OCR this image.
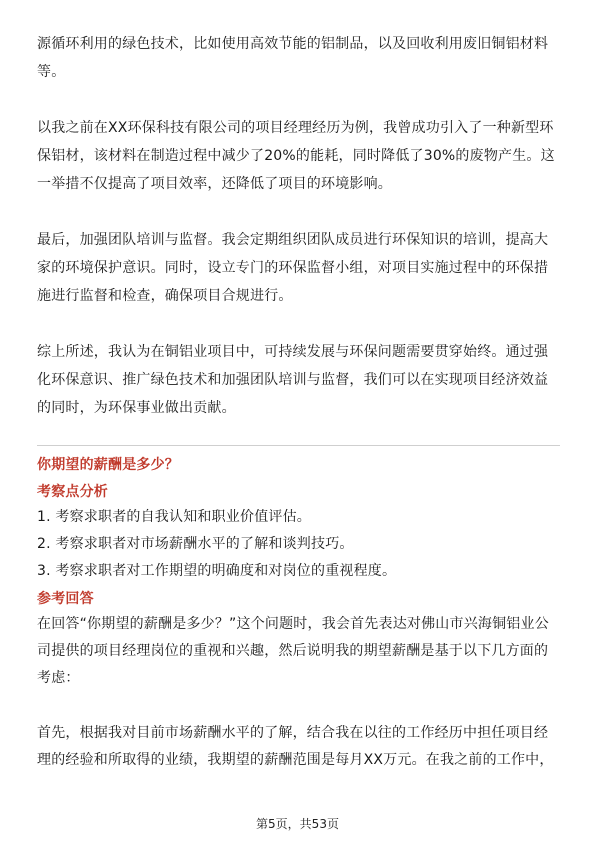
源循环利用的绿色技术，比如使用高效节能的铝制品，以及回收利用废旧铜铝材料

等。

以我之前在XX环保科技有限公司的项目经理经历为例，我曾成功引入了一种新型环

保铝材，该材料在制造过程中减少了20%的能耗，同时降低了30%的废物产生。这

一举措不仅提高了项目效率，还降低了项目的环境影响。

最后，加强团队培训与监督。我会定期组织团队成员进行环保知识的培训，提高大

家的环境保护意识。同时，设立专门的环保监督小组，对项目实施过程中的环保措

施进行监督和检查，确保项目合规进行。

综上所述，我认为在铜铝业项目中，可持续发展与环保问题需要贯穿始终。通过强

化环保意识、推广绿色技术和加强团队培训与监督，我们可以在实现项目经济效益

的同时，为环保事业做出贡献。

你期望的薪酬是多少？

考察点分析

1. 考察求职者的自我认知和职业价值评估。

2. 考察求职者对市场薪酬水平的了解和谈判技巧。

3. 考察求职者对工作期望的明确度和对岗位的重视程度。

参考回答

在回答“你期望的薪酬是多少？”这个问题时，我会首先表达对佛山市兴海铜铝业公

司提供的项目经理岗位的重视和兴趣，然后说明我的期望薪酬是基于以下几方面的

考虑：

首先，根据我对目前市场薪酬水平的了解，结合我在以往的工作经历中担任项目经

理的经验和所取得的业绩，我期望的薪酬范围是每月XX万元。在我之前的工作中，

第5页，共53页
